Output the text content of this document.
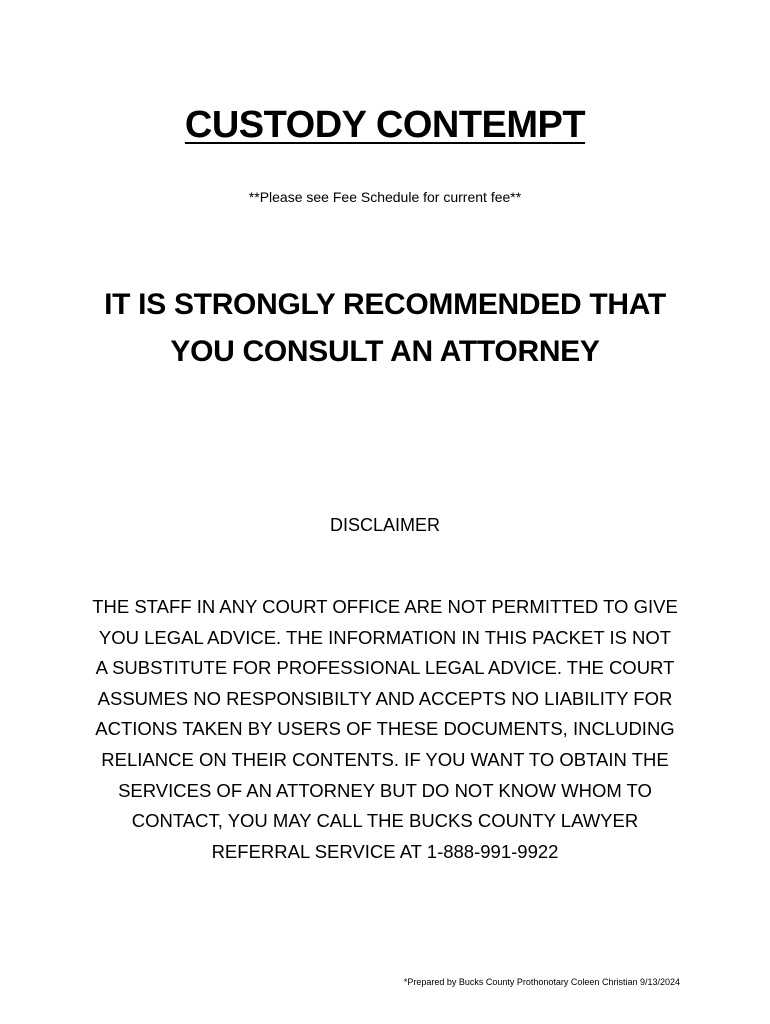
CUSTODY CONTEMPT
**Please see Fee Schedule for current fee**
IT IS STRONGLY RECOMMENDED THAT
YOU CONSULT AN ATTORNEY
DISCLAIMER
THE STAFF IN ANY COURT OFFICE ARE NOT PERMITTED TO GIVE
YOU LEGAL ADVICE. THE INFORMATION IN THIS PACKET IS NOT
A SUBSTITUTE FOR PROFESSIONAL LEGAL ADVICE. THE COURT
ASSUMES NO RESPONSIBILTY AND ACCEPTS NO LIABILITY FOR
ACTIONS TAKEN BY USERS OF THESE DOCUMENTS, INCLUDING
RELIANCE ON THEIR CONTENTS. IF YOU WANT TO OBTAIN THE
SERVICES OF AN ATTORNEY BUT DO NOT KNOW WHOM TO
CONTACT, YOU MAY CALL THE BUCKS COUNTY LAWYER
REFERRAL SERVICE AT 1-888-991-9922
*Prepared by Bucks County Prothonotary Coleen Christian 9/13/2024
